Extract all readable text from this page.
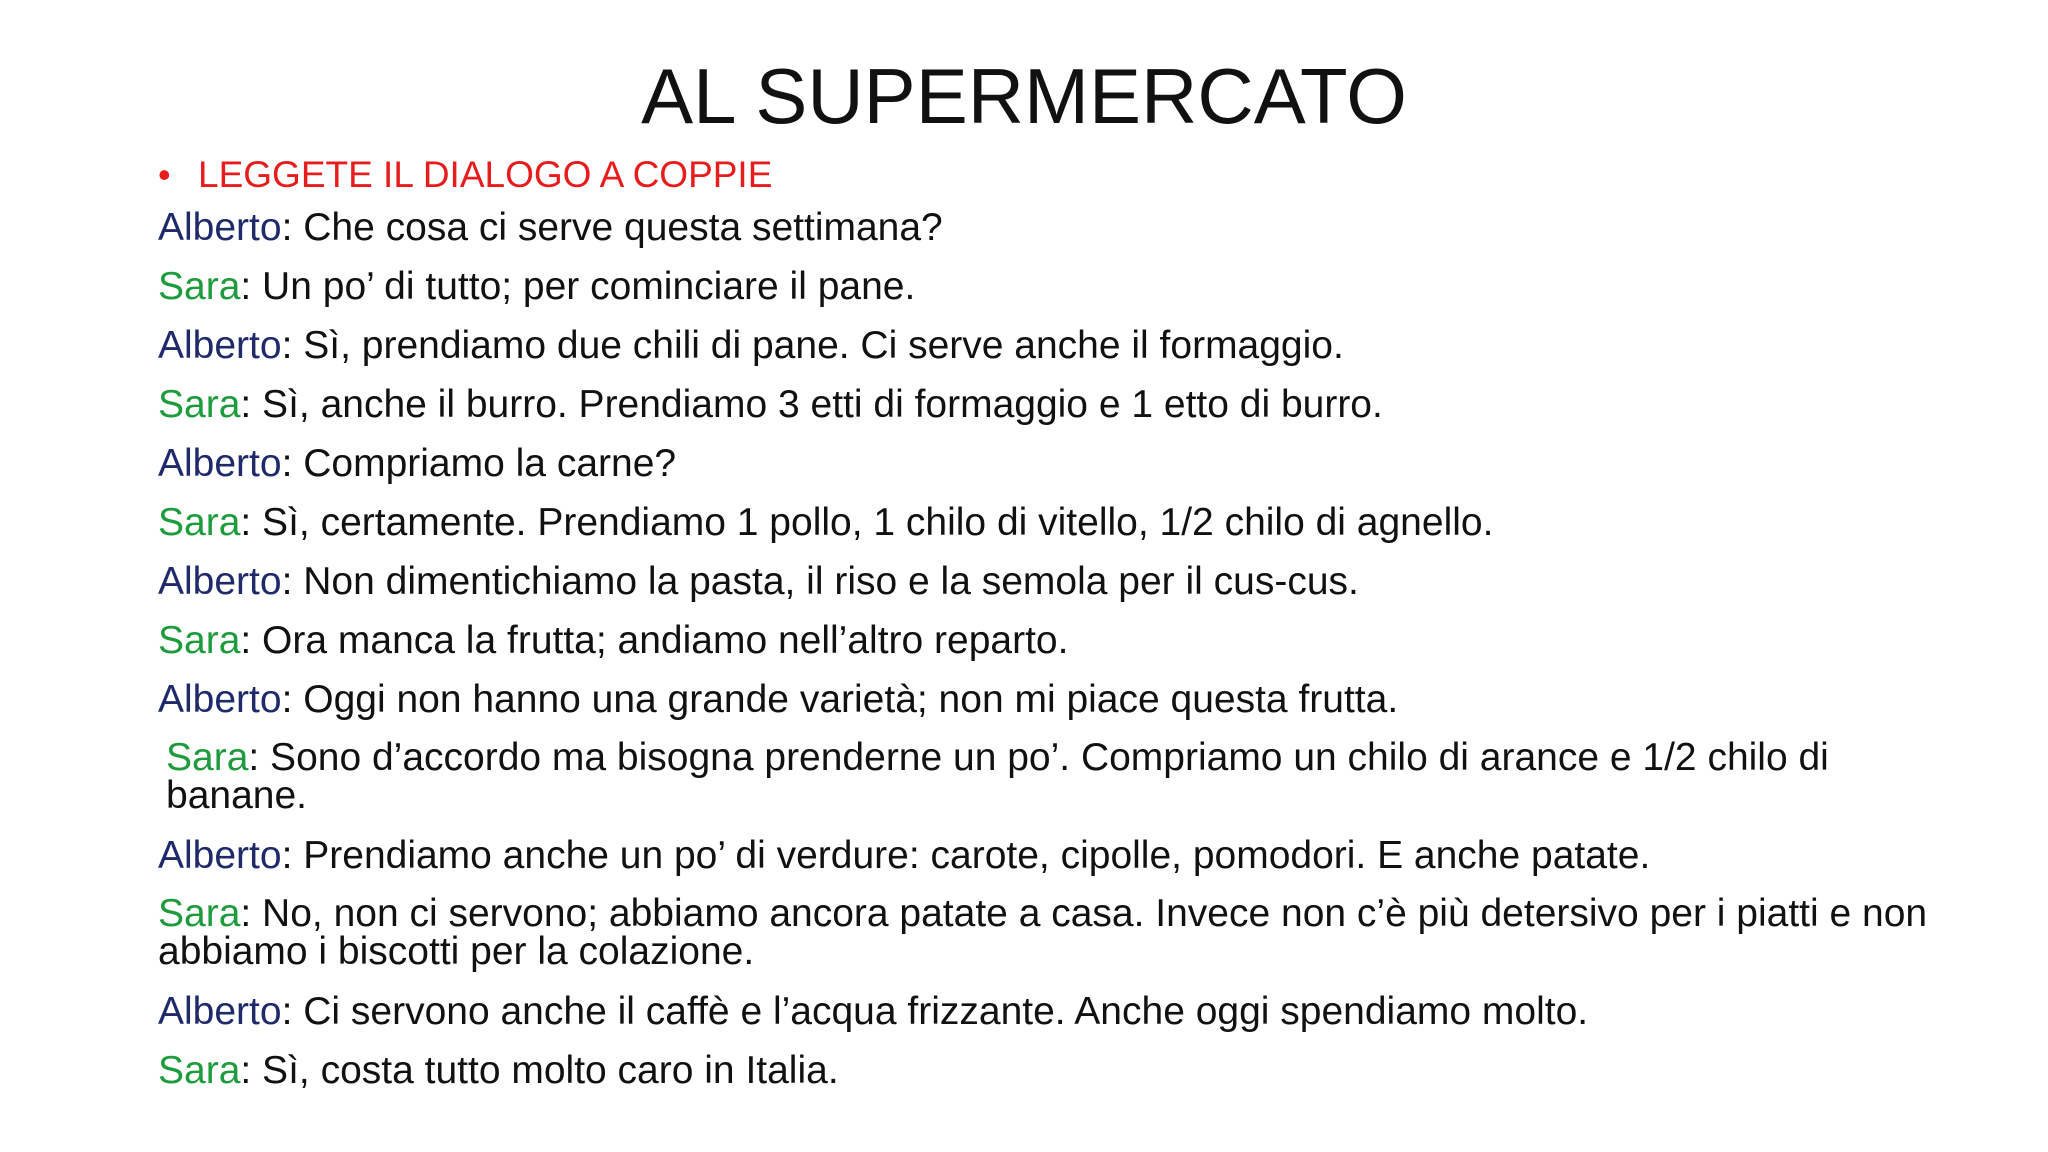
AL SUPERMERCATO
• LEGGETE IL DIALOGO A COPPIE
Alberto: Che cosa ci serve questa settimana?
Sara: Un po’ di tutto; per cominciare il pane.
Alberto: Sì, prendiamo due chili di pane. Ci serve anche il formaggio.
Sara: Sì, anche il burro. Prendiamo 3 etti di formaggio e 1 etto di burro.
Alberto: Compriamo la carne?
Sara: Sì, certamente. Prendiamo 1 pollo, 1 chilo di vitello, 1/2 chilo di agnello.
Alberto: Non dimentichiamo la pasta, il riso e la semola per il cus-cus.
Sara: Ora manca la frutta; andiamo nell’altro reparto.
Alberto: Oggi non hanno una grande varietà; non mi piace questa frutta.
Sara: Sono d’accordo ma bisogna prenderne un po’. Compriamo un chilo di arance e 1/2 chilo di banane.
Alberto: Prendiamo anche un po’ di verdure: carote, cipolle, pomodori. E anche patate.
Sara: No, non ci servono; abbiamo ancora patate a casa. Invece non c’è più detersivo per i piatti e non abbiamo i biscotti per la colazione.
Alberto: Ci servono anche il caffè e l’acqua frizzante. Anche oggi spendiamo molto.
Sara: Sì, costa tutto molto caro in Italia.
